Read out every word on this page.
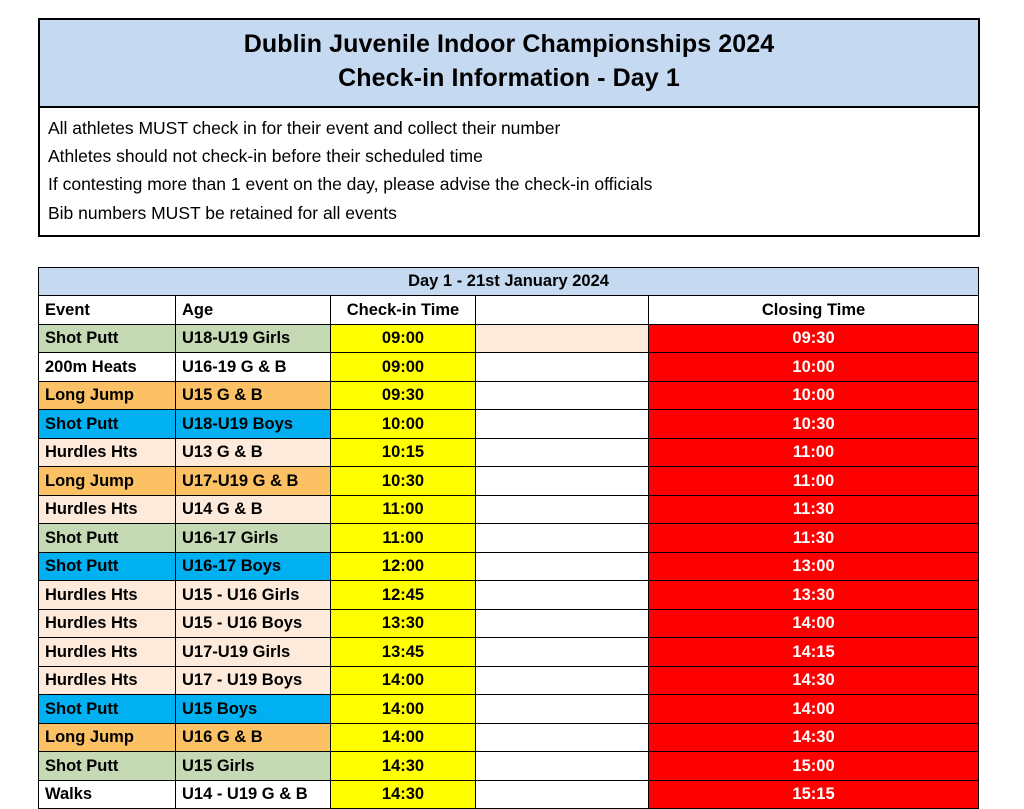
Dublin Juvenile Indoor Championships 2024
Check-in Information - Day 1
All athletes MUST check in for their event and collect their number
Athletes should not check-in before their scheduled time
If contesting more than 1 event on the day, please advise the check-in officials
Bib numbers MUST be retained for all events
Day 1 - 21st January 2024				
Event	Age	Check-in Time		Closing Time
Shot Putt	U18-U19 Girls	09:00		09:30
200m Heats	U16-19 G & B	09:00		10:00
Long Jump	U15 G & B	09:30		10:00
Shot Putt	U18-U19 Boys	10:00		10:30
Hurdles Hts	U13 G & B	10:15		11:00
Long Jump	U17-U19 G & B	10:30		11:00
Hurdles Hts	U14 G & B	11:00		11:30
Shot Putt	U16-17 Girls	11:00		11:30
Shot Putt	U16-17 Boys	12:00		13:00
Hurdles Hts	U15 - U16 Girls	12:45		13:30
Hurdles Hts	U15 - U16 Boys	13:30		14:00
Hurdles Hts	U17-U19 Girls	13:45		14:15
Hurdles Hts	U17 - U19 Boys	14:00		14:30
Shot Putt	U15 Boys	14:00		14:00
Long Jump	U16 G & B	14:00		14:30
Shot Putt	U15 Girls	14:30		15:00
Walks	U14 - U19 G & B	14:30		15:15
